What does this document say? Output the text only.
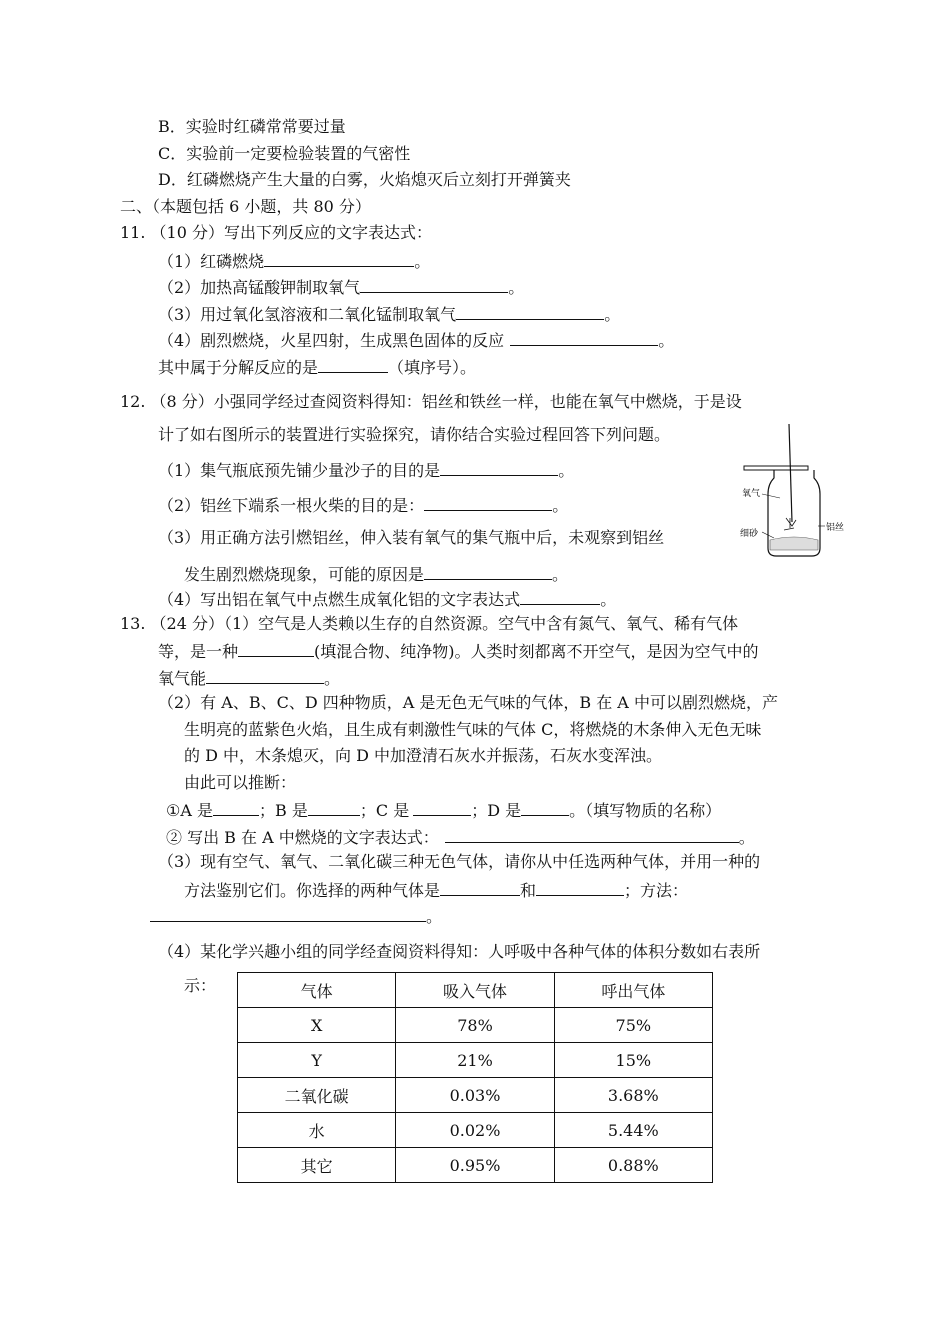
B．实验时红磷常常要过量
C．实验前一定要检验装置的气密性
D．红磷燃烧产生大量的白雾，火焰熄灭后立刻打开弹簧夹
二、（本题包括 6 小题，共 80 分）
11. （10 分）写出下列反应的文字表达式：
（1）红磷燃烧	。
（2）加热高锰酸钾制取氧气	。
（3）用过氧化氢溶液和二氧化锰制取氧气	。
（4）剧烈燃烧，火星四射，生成黑色固体的反应	。
其中属于分解反应的是	（填序号）。
12. （8 分）小强同学经过查阅资料得知：铝丝和铁丝一样，也能在氧气中燃烧，于是设
计了如右图所示的装置进行实验探究，请你结合实验过程回答下列问题。
（1）集气瓶底预先铺少量沙子的目的是	。
（2）铝丝下端系一根火柴的目的是：	。
（3）用正确方法引燃铝丝，伸入装有氧气的集气瓶中后，未观察到铝丝
发生剧烈燃烧现象，可能的原因是	。
（4）写出铝在氧气中点燃生成氧化铝的文字表达式	。
氧气
细砂
铝丝
13. （24 分）（1）空气是人类赖以生存的自然资源。空气中含有氮气、氧气、稀有气体
等，是一种	(填混合物、纯净物)。人类时刻都离不开空气，是因为空气中的
氧气能	。
（2）有 A、B、C、D 四种物质，A 是无色无气味的气体，B 在 A 中可以剧烈燃烧，产
生明亮的蓝紫色火焰，且生成有刺激性气味的气体 C，将燃烧的木条伸入无色无味
的 D 中，木条熄灭，向 D 中加澄清石灰水并振荡，石灰水变浑浊。
由此可以推断：
①A 是	；B 是	；C 是	；D 是	。（填写物质的名称）
② 写出 B 在 A 中燃烧的文字表达式：	。
（3）现有空气、氧气、二氧化碳三种无色气体，请你从中任选两种气体，并用一种的
方法鉴别它们。你选择的两种气体是	和	；方法：
。
（4）某化学兴趣小组的同学经查阅资料得知：人呼吸中各种气体的体积分数如右表所
示：	气体	吸入气体	呼出气体
X	78%	75%
Y	21%	15%
二氧化碳	0.03%	3.68%
水	0.02%	5.44%
其它	0.95%	0.88%
